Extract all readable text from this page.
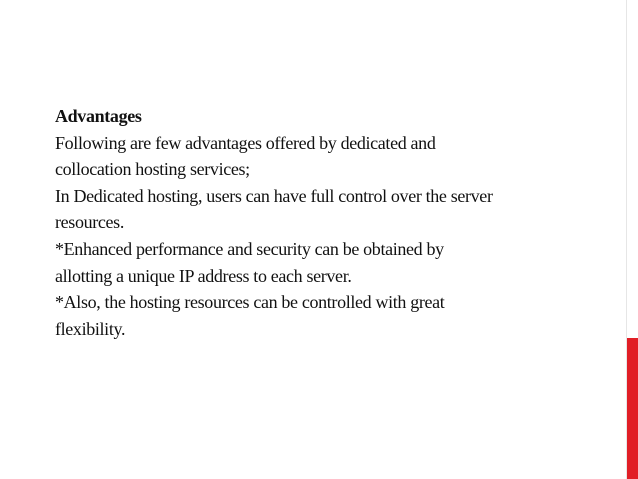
Advantages
Following are few advantages offered by dedicated and
collocation hosting services;
In Dedicated hosting, users can have full control over the server
resources.
*Enhanced performance and security can be obtained by
allotting a unique IP address to each server.
*Also, the hosting resources can be controlled with great
flexibility.
